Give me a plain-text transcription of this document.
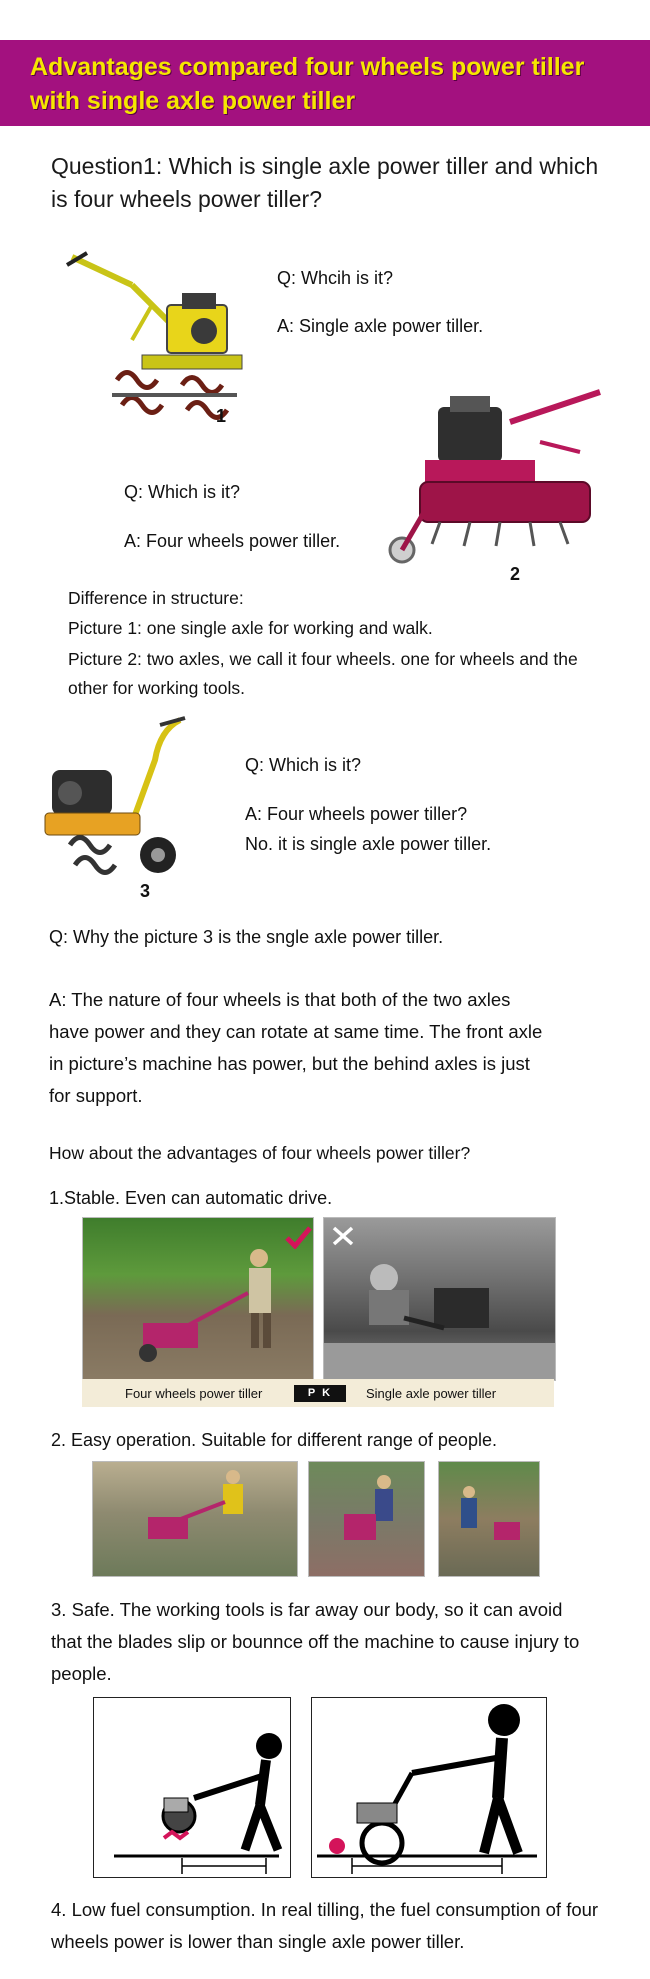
Advantages compared four wheels power tiller with single axle power tiller
Question1: Which is single axle power tiller and which is four wheels power tiller?
1
Q: Whcih is it?
A: Single axle power tiller.
2
Q: Which is it?
A: Four wheels power tiller.
Difference in structure:
Picture 1: one single axle for working and walk.
Picture 2: two axles, we call it four wheels. one for wheels and the other for working tools.
3
Q: Which is it?
A: Four wheels power tiller?
No. it is single axle power tiller.
Q: Why the picture 3 is the sngle axle power tiller.
A: The nature of four wheels is that both of the two axles have power and they can rotate at same time. The front axle in picture’s machine has power, but the behind axles is just for support.
How about the advantages of four wheels power tiller?
1.Stable. Even can automatic drive.
Four wheels power tiller	P K	Single axle power tiller
2. Easy operation. Suitable for different range of people.
3. Safe. The working tools is far away our body, so it can avoid that the blades slip or bounnce off the machine to cause injury to people.
4. Low fuel consumption. In real tilling, the fuel consumption of four wheels power is lower than single axle power tiller.
